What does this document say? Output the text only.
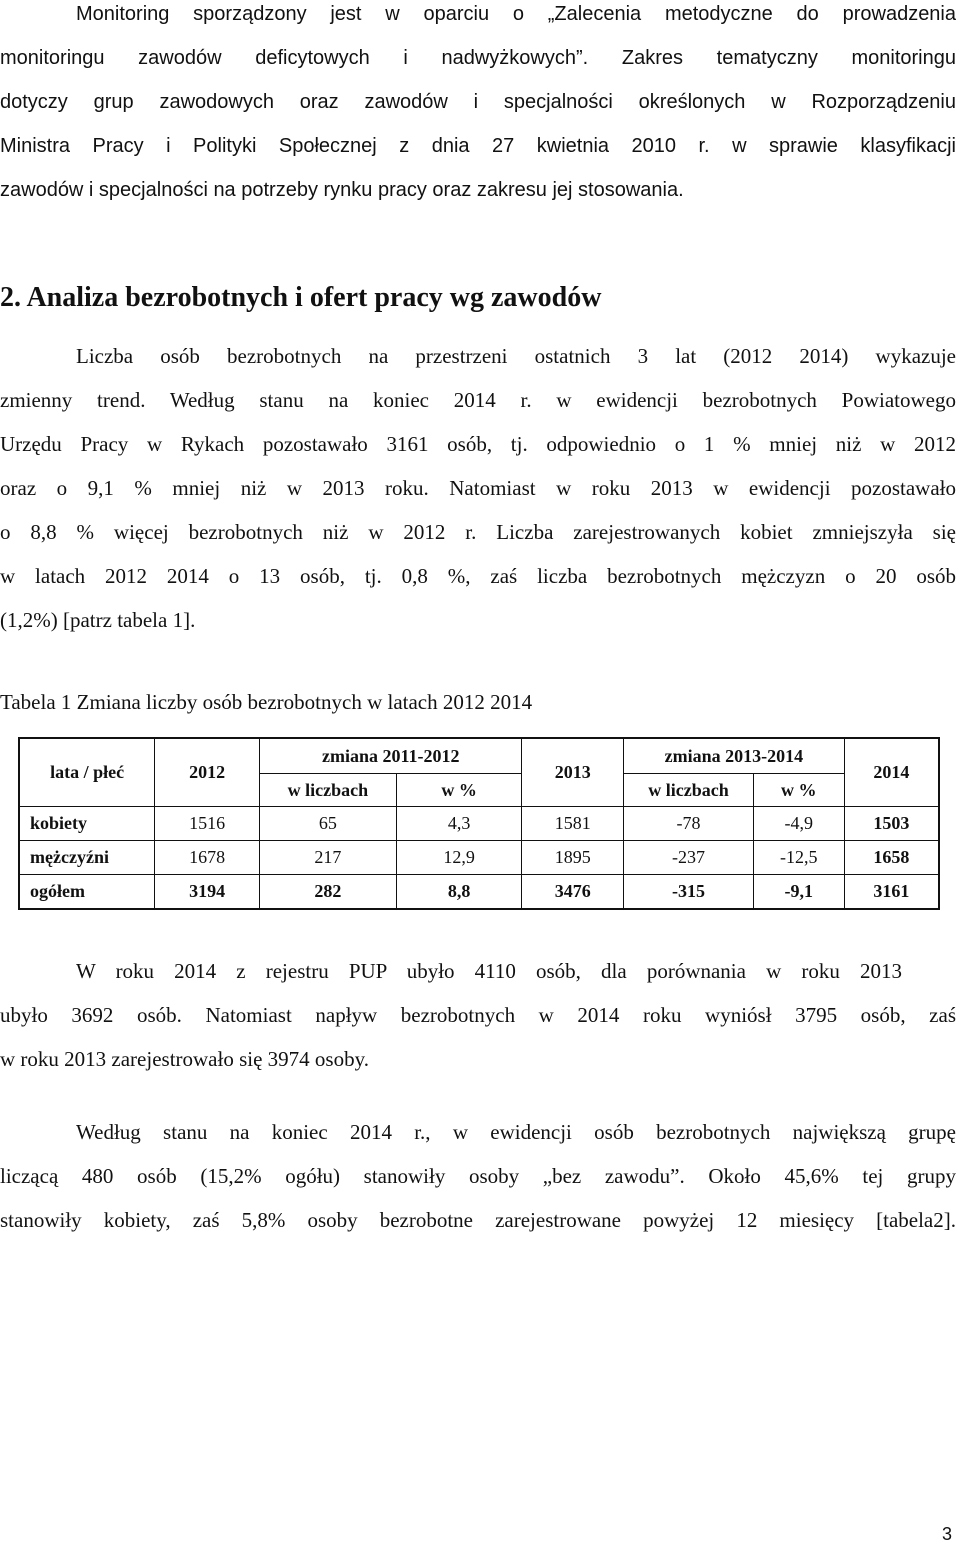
Monitoring sporządzony jest w oparciu o „Zalecenia metodyczne do prowadzenia
monitoringu zawodów deficytowych i nadwyżkowych”. Zakres tematyczny monitoringu
dotyczy grup zawodowych oraz zawodów i specjalności określonych w Rozporządzeniu
Ministra Pracy i Polityki Społecznej z dnia 27 kwietnia 2010 r. w sprawie klasyfikacji
zawodów i specjalności na potrzeby rynku pracy oraz zakresu jej stosowania.
2. Analiza bezrobotnych i ofert pracy wg zawodów
Liczba osób bezrobotnych na przestrzeni ostatnich 3 lat (2012 2014) wykazuje
zmienny trend. Według stanu na koniec 2014 r. w ewidencji bezrobotnych Powiatowego
Urzędu Pracy w Rykach pozostawało 3161 osób, tj. odpowiednio o 1 % mniej niż w 2012
oraz o 9,1 % mniej niż w 2013 roku. Natomiast w roku 2013 w ewidencji pozostawało
o 8,8 % więcej bezrobotnych niż w 2012 r. Liczba zarejestrowanych kobiet zmniejszyła się
w latach 2012 2014 o 13 osób, tj. 0,8 %, zaś liczba bezrobotnych mężczyzn o 20 osób
(1,2%) [patrz tabela 1].

Tabela 1 Zmiana liczby osób bezrobotnych w latach 2012 2014

lata / płeć	2012	zmiana 2011-2012		2013	zmiana 2013-2014		2014
		w liczbach	w %		w liczbach	w %	
kobiety	1516	65	4,3	1581	-78	-4,9	1503
mężczyźni	1678	217	12,9	1895	-237	-12,5	1658
ogółem	3194	282	8,8	3476	-315	-9,1	3161
W roku 2014 z rejestru PUP ubyło 4110 osób, dla porównania w roku 2013
ubyło 3692 osób. Natomiast napływ bezrobotnych w 2014 roku wyniósł 3795 osób, zaś
w roku 2013 zarejestrowało się 3974 osoby.
Według stanu na koniec 2014 r., w ewidencji osób bezrobotnych największą grupę
liczącą 480 osób (15,2% ogółu) stanowiły osoby „bez zawodu”. Około 45,6% tej grupy
stanowiły kobiety, zaś 5,8% osoby bezrobotne zarejestrowane powyżej 12 miesięcy [tabela2].

3
